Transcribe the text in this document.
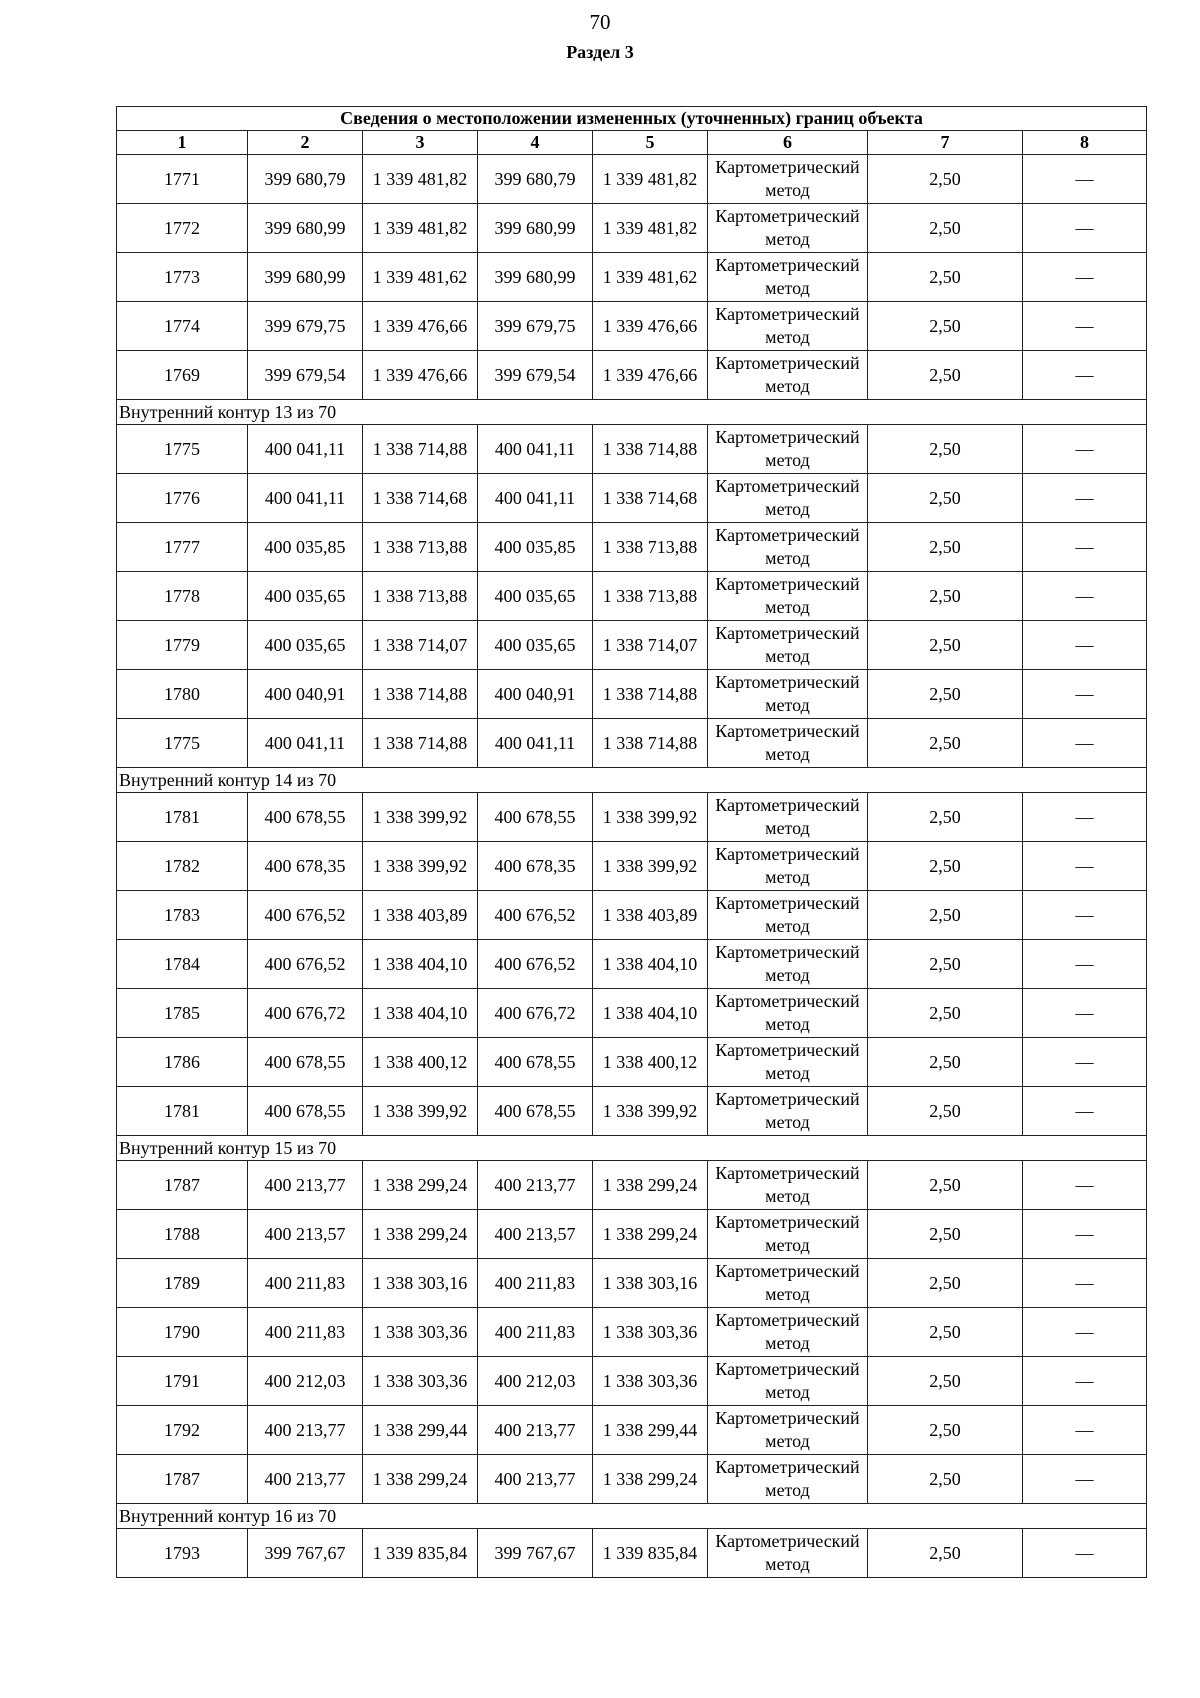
70
Раздел 3
Сведения о местоположении измененных (уточненных) границ объекта							
1	2	3	4	5	6	7	8
1771	399 680,79	1 339 481,82	399 680,79	1 339 481,82	Картометрический метод	2,50	—
1772	399 680,99	1 339 481,82	399 680,99	1 339 481,82	Картометрический метод	2,50	—
1773	399 680,99	1 339 481,62	399 680,99	1 339 481,62	Картометрический метод	2,50	—
1774	399 679,75	1 339 476,66	399 679,75	1 339 476,66	Картометрический метод	2,50	—
1769	399 679,54	1 339 476,66	399 679,54	1 339 476,66	Картометрический метод	2,50	—
Внутренний контур 13 из 70							
1775	400 041,11	1 338 714,88	400 041,11	1 338 714,88	Картометрический метод	2,50	—
1776	400 041,11	1 338 714,68	400 041,11	1 338 714,68	Картометрический метод	2,50	—
1777	400 035,85	1 338 713,88	400 035,85	1 338 713,88	Картометрический метод	2,50	—
1778	400 035,65	1 338 713,88	400 035,65	1 338 713,88	Картометрический метод	2,50	—
1779	400 035,65	1 338 714,07	400 035,65	1 338 714,07	Картометрический метод	2,50	—
1780	400 040,91	1 338 714,88	400 040,91	1 338 714,88	Картометрический метод	2,50	—
1775	400 041,11	1 338 714,88	400 041,11	1 338 714,88	Картометрический метод	2,50	—
Внутренний контур 14 из 70							
1781	400 678,55	1 338 399,92	400 678,55	1 338 399,92	Картометрический метод	2,50	—
1782	400 678,35	1 338 399,92	400 678,35	1 338 399,92	Картометрический метод	2,50	—
1783	400 676,52	1 338 403,89	400 676,52	1 338 403,89	Картометрический метод	2,50	—
1784	400 676,52	1 338 404,10	400 676,52	1 338 404,10	Картометрический метод	2,50	—
1785	400 676,72	1 338 404,10	400 676,72	1 338 404,10	Картометрический метод	2,50	—
1786	400 678,55	1 338 400,12	400 678,55	1 338 400,12	Картометрический метод	2,50	—
1781	400 678,55	1 338 399,92	400 678,55	1 338 399,92	Картометрический метод	2,50	—
Внутренний контур 15 из 70							
1787	400 213,77	1 338 299,24	400 213,77	1 338 299,24	Картометрический метод	2,50	—
1788	400 213,57	1 338 299,24	400 213,57	1 338 299,24	Картометрический метод	2,50	—
1789	400 211,83	1 338 303,16	400 211,83	1 338 303,16	Картометрический метод	2,50	—
1790	400 211,83	1 338 303,36	400 211,83	1 338 303,36	Картометрический метод	2,50	—
1791	400 212,03	1 338 303,36	400 212,03	1 338 303,36	Картометрический метод	2,50	—
1792	400 213,77	1 338 299,44	400 213,77	1 338 299,44	Картометрический метод	2,50	—
1787	400 213,77	1 338 299,24	400 213,77	1 338 299,24	Картометрический метод	2,50	—
Внутренний контур 16 из 70							
1793	399 767,67	1 339 835,84	399 767,67	1 339 835,84	Картометрический метод	2,50	—
